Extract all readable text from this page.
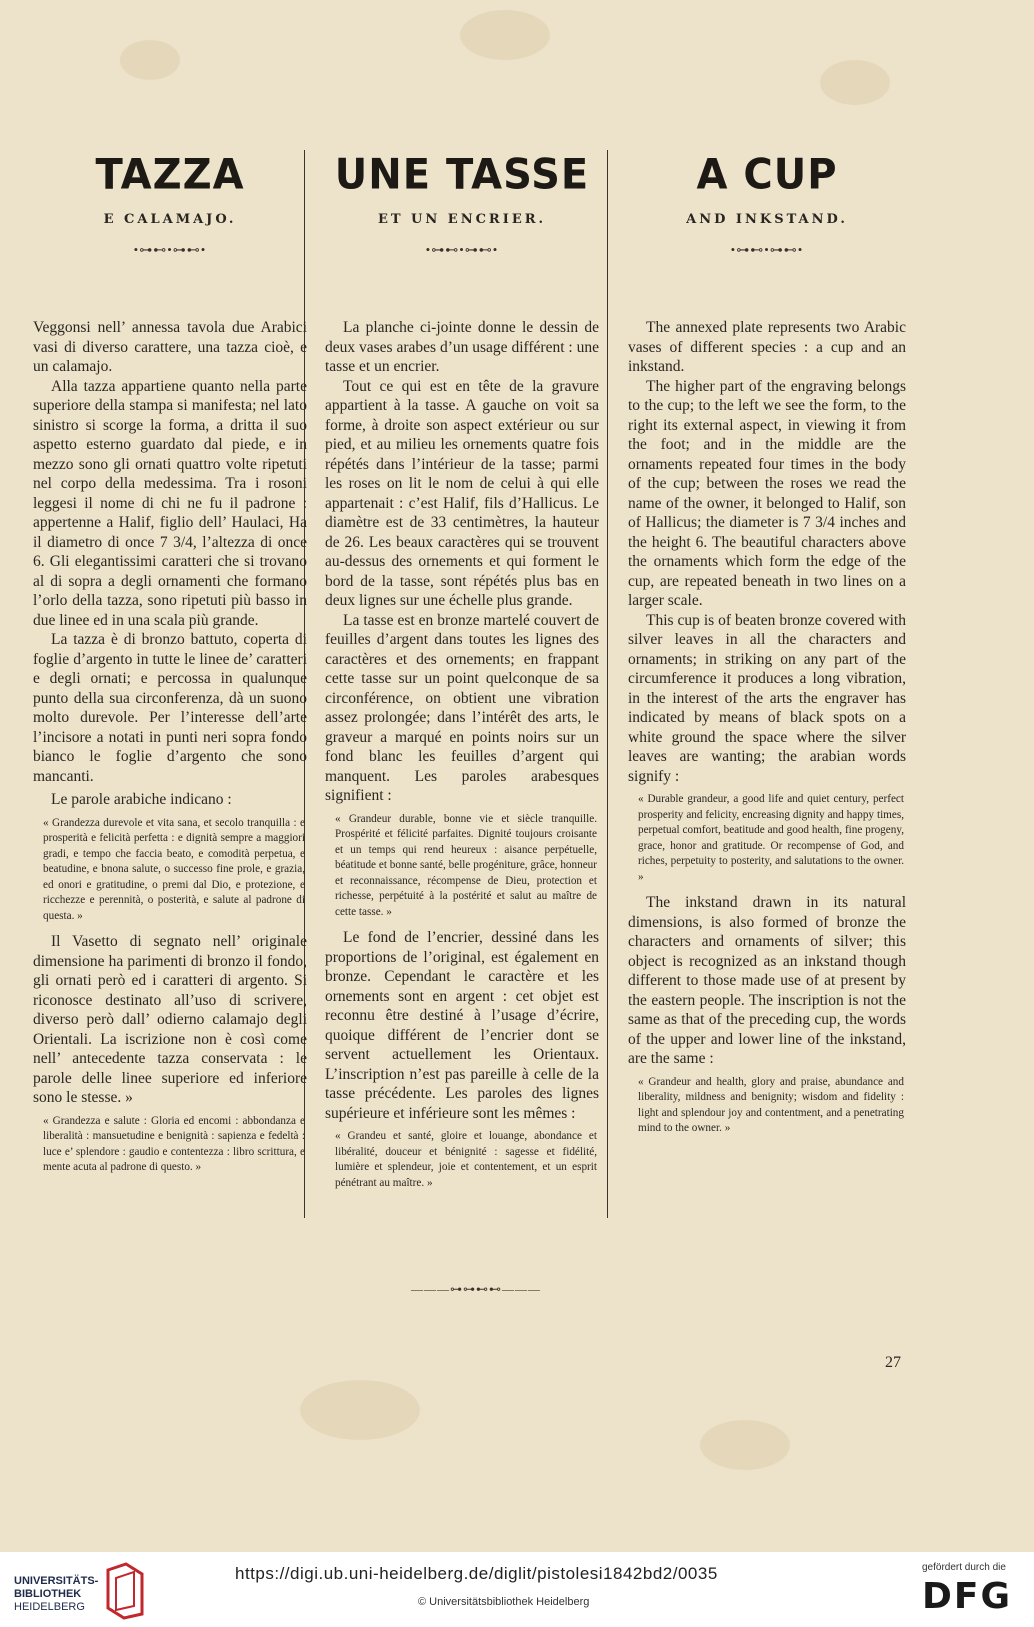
TAZZA
E CALAMAJO.
•⊶⊷•⊶⊷•

Veggonsi nell’ annessa tavola due Arabici vasi di diverso carattere, una tazza cioè, e un calamajo.

Alla tazza appartiene quanto nella parte superiore della stampa si manifesta; nel lato sinistro si scorge la forma, a dritta il suo aspetto esterno guardato dal piede, e in mezzo sono gli ornati quattro volte ripetuti nel corpo della medessima. Tra i rosoni leggesi il nome di chi ne fu il padrone : appertenne a Halif, figlio dell’ Haulaci, Ha il diametro di once 7 3/4, l’altezza di once 6. Gli elegantissimi caratteri che si trovano al di sopra a degli ornamenti che formano l’orlo della tazza, sono ripetuti più basso in due linee ed in una scala più grande.

La tazza è di bronzo battuto, coperta di foglie d’argento in tutte le linee de’ caratteri e degli ornati; e percossa in qualunque punto della sua circonferenza, dà un suono molto durevole. Per l’interesse dell’arte l’incisore a notati in punti neri sopra fondo bianco le foglie d’argento che sono mancanti.

Le parole arabiche indicano :

« Grandezza durevole et vita sana, et secolo tranquilla : e prosperità e felicità perfetta : e dignità sempre a maggiori gradi, e tempo che faccia beato, e comodità perpetua, e beatudine, e bnona salute, o successo fine prole, e grazia, ed onori e gratitudine, o premi dal Dio, e protezione, e ricchezze e perennità, o posterità, e salute al padrone di questa. »

Il Vasetto di segnato nell’ originale dimensione ha parimenti di bronzo il fondo, gli ornati però ed i caratteri di argento. Si riconosce destinato all’uso di scrivere, diverso però dall’ odierno calamajo degli Orientali. La iscrizione non è così come nell’ antecedente tazza conservata : le parole delle linee superiore ed inferiore sono le stesse. »

« Grandezza e salute : Gloria ed encomi : abbondanza e liberalità : mansuetudine e benignità : sapienza e fedeltà : luce e’ splendore : gaudio e contentezza : libro scrittura, e mente acuta al padrone di questo. »
UNE TASSE
ET UN ENCRIER.
•⊶⊷•⊶⊷•

La planche ci-jointe donne le dessin de deux vases arabes d’un usage différent : une tasse et un encrier.

Tout ce qui est en tête de la gravure appartient à la tasse. A gauche on voit sa forme, à droite son aspect extérieur ou sur pied, et au milieu les ornements quatre fois répétés dans l’intérieur de la tasse; parmi les roses on lit le nom de celui à qui elle appartenait : c’est Halif, fils d’Hallicus. Le diamètre est de 33 centimètres, la hauteur de 26. Les beaux caractères qui se trouvent au-dessus des ornements et qui forment le bord de la tasse, sont répétés plus bas en deux lignes sur une échelle plus grande.

La tasse est en bronze martelé couvert de feuilles d’argent dans toutes les lignes des caractères et des ornements; en frappant cette tasse sur un point quelconque de sa circonférence, on obtient une vibration assez prolongée; dans l’intérêt des arts, le graveur a marqué en points noirs sur un fond blanc les feuilles d’argent qui manquent. Les paroles arabesques signifient :

« Grandeur durable, bonne vie et siècle tranquille. Prospérité et félicité parfaites. Dignité toujours croisante et un temps qui rend heureux : aisance perpétuelle, béatitude et bonne santé, belle progéniture, grâce, honneur et reconnaissance, récompense de Dieu, protection et richesse, perpétuité à la postérité et salut au maître de cette tasse. »

Le fond de l’encrier, dessiné dans les proportions de l’original, est également en bronze. Cependant le caractère et les ornements sont en argent : cet objet est reconnu être destiné à l’usage d’écrire, quoique différent de l’encrier dont se servent actuellement les Orientaux. L’inscription n’est pas pareille à celle de la tasse précédente. Les paroles des lignes supérieure et inférieure sont les mêmes :

« Grandeu et santé, gloire et louange, abondance et libéralité, douceur et bénignité : sagesse et fidélité, lumière et splendeur, joie et contentement, et un esprit pénétrant au maître. »
A CUP
AND INKSTAND.
•⊶⊷•⊶⊷•

The annexed plate represents two Arabic vases of different species : a cup and an inkstand.

The higher part of the engraving belongs to the cup; to the left we see the form, to the right its external aspect, in viewing it from the foot; and in the middle are the ornaments repeated four times in the body of the cup; between the roses we read the name of the owner, it belonged to Halif, son of Hallicus; the diameter is 7 3/4 inches and the height 6. The beautiful characters above the ornaments which form the edge of the cup, are repeated beneath in two lines on a larger scale.

This cup is of beaten bronze covered with silver leaves in all the characters and ornaments; in striking on any part of the circumference it produces a long vibration, in the interest of the arts the engraver has indicated by means of black spots on a white ground the space where the silver leaves are wanting; the arabian words signify :

« Durable grandeur, a good life and quiet century, perfect prosperity and felicity, encreasing dignity and happy times, perpetual comfort, beatitude and good health, fine progeny, grace, honor and gratitude. Or recompense of God, and riches, perpetuity to posterity, and salutations to the owner. »

The inkstand drawn in its natural dimensions, is also formed of bronze the characters and ornaments of silver; this object is recognized as an inkstand though different to those made use of at present by the eastern people. The inscription is not the same as that of the preceding cup, the words of the upper and lower line of the inkstand, are the same :

« Grandeur and health, glory and praise, abundance and liberality, mildness and benignity; wisdom and fidelity : light and splendour joy and contentment, and a penetrating mind to the owner. »
———⊶⊶⊷⊷———
27
UNIVERSITÄTS-
BIBLIOTHEK
HEIDELBERG
https://digi.ub.uni-heidelberg.de/diglit/pistolesi1842bd2/0035
© Universitätsbibliothek Heidelberg
gefördert durch die
DFG
